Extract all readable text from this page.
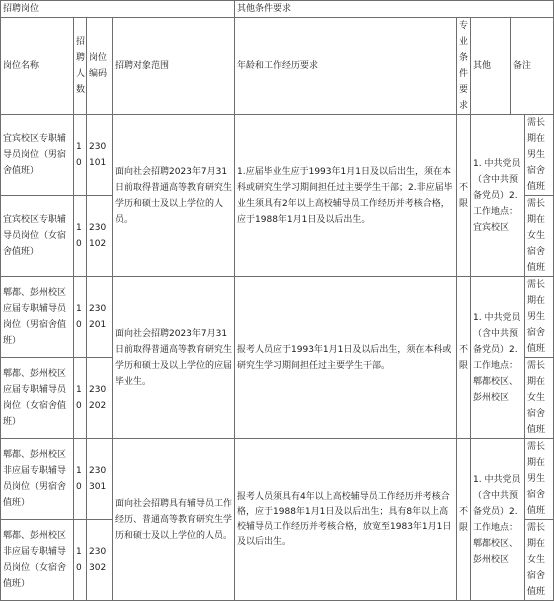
招聘岗位				其他条件要求				
岗位名称	招聘人数	岗位编码	招聘对象范围	年龄和工作经历要求	专业条件要求	其他	备注	
宜宾校区专职辅导员岗位（男宿舍值班）	10	230101	面向社会招聘2023年7月31日前取得普通高等教育研究生学历和硕士及以上学位的人员。	1.应届毕业生应于1993年1月1日及以后出生，须在本科或研究生学习期间担任过主要学生干部；2.非应届毕业生须具有2年以上高校辅导员工作经历并考核合格，应于1988年1月1日及以后出生。	不限	1. 中共党员（含中共预备党员）2. 工作地点：宜宾校区		需长期在男生宿舍值班
宜宾校区专职辅导员岗位（女宿舍值班）	10	230102						需长期在女生宿舍值班
郫都、彭州校区应届专职辅导员岗位（男宿舍值班）	10	230201	面向社会招聘2023年7月31日前取得普通高等教育研究生学历和硕士及以上学位的应届毕业生。	报考人员应于1993年1月1日及以后出生，须在本科或研究生学习期间担任过主要学生干部。	不限	1. 中共党员（含中共预备党员）2. 工作地点：郫都校区、彭州校区		需长期在男生宿舍值班
郫都、彭州校区应届专职辅导员岗位（女宿舍值班）	10	230202						需长期在女生宿舍值班
郫都、彭州校区非应届专职辅导员岗位（男宿舍值班）	10	230301	面向社会招聘具有辅导员工作经历、普通高等教育研究生学历和硕士及以上学位的人员。	报考人员须具有4年以上高校辅导员工作经历并考核合格，应于1988年1月1日及以后出生；具有8年以上高校辅导员工作经历并考核合格，放宽至1983年1月1日及以后出生。	不限	1. 中共党员（含中共预备党员）2. 工作地点：郫都校区、彭州校区		需长期在男生宿舍值班
郫都、彭州校区非应届专职辅导员岗位（女宿舍值班）	10	230302						需长期在女生宿舍值班
